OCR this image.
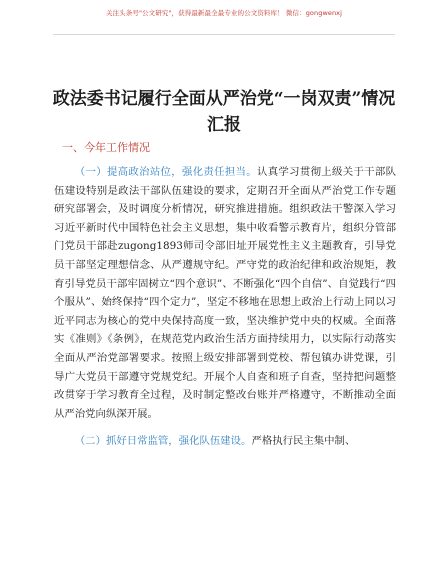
关注头条号"公文研究"，获得最新最全最专业的公文资料库！ 微信：gongwenxj
政法委书记履行全面从严治党“一岗双责”情况
汇报
一、今年工作情况

（一）提高政治站位，强化责任担当。认真学习贯彻上级关于干部队伍建设特别是政法干部队伍建设的要求，定期召开全面从严治党工作专题研究部署会，及时调度分析情况，研究推进措施。组织政法干警深入学习习近平新时代中国特色社会主义思想，集中收看警示教育片，组织分管部门党员干部赴zugong1893师司令部旧址开展党性主义主题教育，引导党员干部坚定理想信念、从严遵规守纪。严守党的政治纪律和政治规矩，教育引导党员干部牢固树立“四个意识”、不断强化“四个自信”、自觉践行“四个服从”、始终保持“四个定力”，坚定不移地在思想上政治上行动上同以习近平同志为核心的党中央保持高度一致，坚决维护党中央的权威。全面落实《准则》《条例》，在规范党内政治生活方面持续用力，以实际行动落实全面从严治党部署要求。按照上级安排部署到党校、帮包镇办讲党课，引导广大党员干部遵守党规党纪。开展个人自查和班子自查，坚持把问题整改贯穿于学习教育全过程，及时制定整改台账并严格遵守，不断推动全面从严治党向纵深开展。

（二）抓好日常监管，强化队伍建设。严格执行民主集中制、
